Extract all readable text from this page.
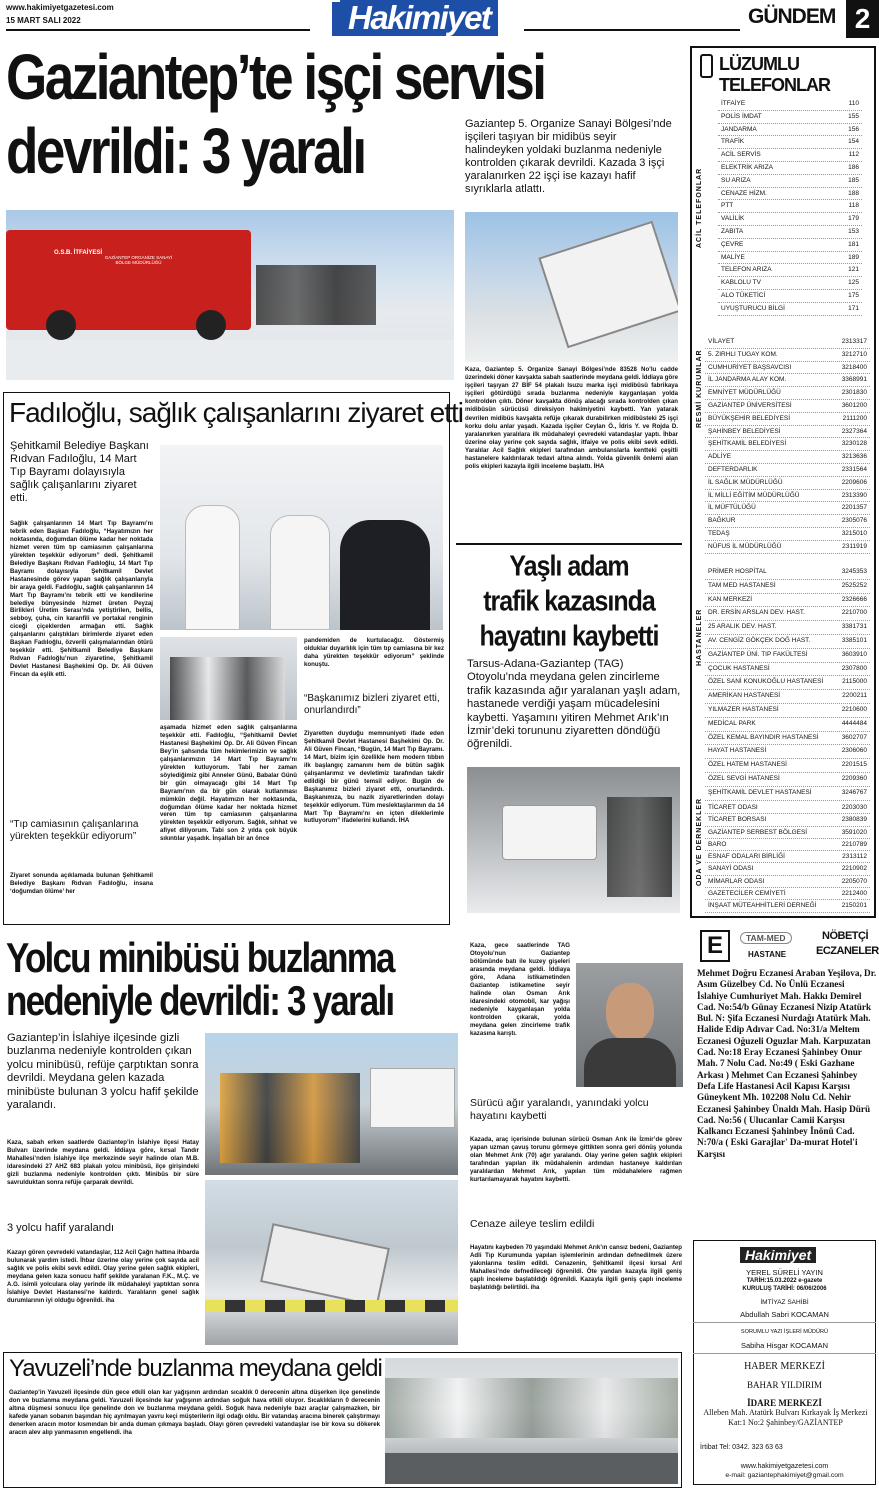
www.hakimiyetgazetesi.com
15 MART SALI 2022	Hakimiyet	GÜNDEM 2
Gaziantep’te işçi servisi
devrildi: 3 yaralı	Gaziantep 5. Organize Sanayi Bölgesi’nde işçileri taşıyan bir midibüs seyir halindeyken yoldaki buzlanma nedeniyle kontrolden çıkarak devrildi. Kazada 3 işçi yaralanırken 22 işçi ise kazayı hafif sıyrıklarla atlattı.
O.S.B. İTFAİYESİ
GAZİANTEP ORGANİZE SANAYİ BÖLGE MÜDÜRLÜĞÜ
Kaza, Gaziantep 5. Organize Sanayi Bölgesi’nde 83528 No’lu cadde üzerindeki döner kavşakta sabah saatlerinde meydana geldi. İddiaya göre işçileri taşıyan 27 BİF 54 plakalı Isuzu marka işçi midibüsü fabrikaya işçileri götürdüğü sırada buzlanma nedeniyle kayganlaşan yolda kontrolden çıktı. Döner kavşakta dönüş alacağı sırada kontrolden çıkan midibüsün sürücüsü direksiyon hakimiyetini kaybetti. Yan yatarak devrilen midibüs kavşakta refüje çıkarak durabilirken midibüsteki 25 işçi korku dolu anlar yaşadı. Kazada işçiler Ceylan Ö., İdris Y. ve Rojda D. yaralanırken yaralılara ilk müdahaleyi çevredeki vatandaşlar yaptı. İhbar üzerine olay yerine çok sayıda sağlık, itfaiye ve polis ekibi sevk edildi. Yaralılar Acil Sağlık ekipleri tarafından ambulanslarla kentteki çeşitli hastanelere kaldırılarak tedavi altına alındı. Yolda güvenlik önlemi alan polis ekipleri kazayla ilgili inceleme başlattı. İHA
Fadıloğlu, sağlık çalışanlarını ziyaret etti
Şehitkamil Belediye Başkanı Rıdvan Fadıloğlu, 14 Mart Tıp Bayramı dolayısıyla sağlık çalışanlarını ziyaret etti.
Sağlık çalışanlarının 14 Mart Tıp Bayramı’nı tebrik eden Başkan Fadıloğlu, “Hayatımızın her noktasında, doğumdan ölüme kadar her noktada hizmet veren tüm tıp camiasının çalışanlarına yürekten teşekkür ediyorum” dedi. Şehitkamil Belediye Başkanı Rıdvan Fadıloğlu, 14 Mart Tıp Bayramı dolayısıyla Şehitkamil Devlet Hastanesinde görev yapan sağlık çalışanlarıyla bir araya geldi. Fadıloğlu, sağlık çalışanlarının 14 Mart Tıp Bayramı’nı tebrik etti ve kendilerine belediye bünyesinde hizmet üreten Peyzaj Birlikleri Üretim Serası’nda yetiştirilen, bellis, sebboy, çuha, cin karanfili ve portakal renginin ciceği çiçeklerden armağan etti. Sağlık çalışanlarını çalıştıkları birimlerde ziyaret eden Başkan Fadıloğlu, özverili çalışmalarından ötürü teşekkür etti. Şehitkamil Belediye Başkanı Rıdvan Fadıloğlu’nun ziyaretine, Şehitkamil Devlet Hastanesi Başhekimi Op. Dr. Ali Güven Fincan da eşlik etti.
“Tıp camiasının çalışanlarına yürekten teşekkür ediyorum”
Ziyaret sonunda açıklamada bulunan Şehitkamil Belediye Başkanı Rıdvan Fadıloğlu, insana ‘doğumdan ölüme’ her
aşamada hizmet eden sağlık çalışanlarına teşekkür etti. Fadıloğlu, “Şehitkamil Devlet Hastanesi Başhekimi Op. Dr. Ali Güven Fincan Bey’in şahsında tüm hekimlerimizin ve sağlık çalışanlarımızın 14 Mart Tıp Bayramı’nı yürekten kutluyorum. Tabi her zaman söylediğimiz gibi Anneler Günü, Babalar Günü bir gün olmayacağı gibi 14 Mart Tıp Bayramı’nın da bir gün olarak kutlanması mümkün değil. Hayatımızın her noktasında, doğumdan ölüme kadar her noktada hizmet veren tüm tıp camiasının çalışanlarına yürekten teşekkür ediyorum. Sağlık, sıhhat ve afiyet diliyorum. Tabi son 2 yılda çok büyük sıkıntılar yaşadık. İnşallah bir an önce
pandemiden de kurtulacağız. Göstermiş olduklar duyarlılık için tüm tıp camiasına bir kez daha yürekten teşekkür ediyorum” şeklinde konuştu.
“Başkanımız bizleri ziyaret etti, onurlandırdı”
Ziyaretten duyduğu memnuniyeti ifade eden Şehitkamil Devlet Hastanesi Başhekimi Op. Dr. Ali Güven Fincan, “Bugün, 14 Mart Tıp Bayramı. 14 Mart, bizim için özellikle hem modern tıbbın ilk başlangıç zamanını hem de bütün sağlık çalışanlarımız ve devletimiz tarafından takdir edildiği bir günü temsil ediyor. Bugün de Başkanımız bizleri ziyaret etti, onurlandırdı. Başkanımıza, bu nazik ziyaretlerinden dolayı teşekkür ediyorum. Tüm meslektaşlarımın da 14 Mart Tıp Bayramı’nı en içten dileklerimle kutluyorum” ifadelerini kullandı. İHA
Yaşlı adam
trafik kazasında
hayatını kaybetti
Tarsus-Adana-Gaziantep (TAG) Otoyolu’nda meydana gelen zincirleme trafik kazasında ağır yaralanan yaşlı adam, hastanede verdiği yaşam mücadelesini kaybetti. Yaşamını yitiren Mehmet Arık’ın İzmir’deki torununu ziyaretten döndüğü öğrenildi.
Kaza, gece saatlerinde TAG Otoyolu’nun Gaziantep bölümünde batı ile kuzey gişeleri arasında meydana geldi. İddiaya göre, Adana istikametinden Gaziantep istikametine seyir halinde olan Osman Arık idaresindeki otomobil, kar yağışı nedeniyle kayganlaşan yolda kontrolden çıkarak, yolda meydana gelen zincirleme trafik kazasına karıştı.
Sürücü ağır yaralandı, yanındaki yolcu hayatını kaybetti
Kazada, araç içerisinde bulunan sürücü Osman Arık ile İzmir’de görev yapan uzman çavuş torunu görmeye gittikten sonra geri dönüş yolunda olan Mehmet Arık (70) ağır yaralandı. Olay yerine gelen sağlık ekipleri tarafından yapılan ilk müdahalenin ardından hastaneye kaldırılan yaralılardan Mehmet Arık, yapılan tüm müdahalelere rağmen kurtarılamayarak hayatını kaybetti.
Cenaze aileye teslim edildi
Hayatını kaybeden 70 yaşındaki Mehmet Arık’ın cansız bedeni, Gaziantep Adli Tıp Kurumunda yapılan işlemlerinin ardından defnedilmek üzere yakınlarına teslim edildi. Cenazenin, Şehitkamil ilçesi kırsal Arıl Mahallesi’nde defnedileceği öğrenildi. Öte yandan kazayla ilgili geniş çaplı inceleme başlatıldığı öğrenildi. Kazayla ilgili geniş çaplı inceleme başlatıldığı belirtildi. iha
Yolcu minibüsü buzlanma
nedeniyle devrildi: 3 yaralı
Gaziantep’in İslahiye ilçesinde gizli buzlanma nedeniyle kontrolden çıkan yolcu minibüsü, refüje çarptıktan sonra devrildi. Meydana gelen kazada minibüste bulunan 3 yolcu hafif şekilde yaralandı.
Kaza, sabah erken saatlerde Gaziantep’in İslahiye ilçesi Hatay Bulvarı üzerinde meydana geldi. İddiaya göre, kırsal Tandır Mahallesi’nden İslahiye ilçe merkezinde seyir halinde olan M.B. idaresindeki 27 AHZ 683 plakalı yolcu minibüsü, ilçe girişindeki gizli buzlanma nedeniyle kontrolden çıktı. Minibüs bir süre savrulduktan sonra refüje çarparak devrildi.
3 yolcu hafif yaralandı
Kazayı gören çevredeki vatandaşlar, 112 Acil Çağrı hattına ihbarda bulunarak yardım istedi. İhbar üzerine olay yerine çok sayıda acil sağlık ve polis ekibi sevk edildi. Olay yerine gelen sağlık ekipleri, meydana gelen kaza sonucu hafif şekilde yaralanan F.K., M.Ç. ve A.G. isimli yolculara olay yerinde ilk müdahaleyi yaptıktan sonra İslahiye Devlet Hastanesi’ne kaldırdı. Yaralıların genel sağlık durumlarının iyi olduğu öğrenildi. iha
Yavuzeli’nde buzlanma meydana geldi
Gaziantep’in Yavuzeli ilçesinde dün gece etkili olan kar yağışının ardından sıcaklık 0 derecenin altına düşerken ilçe genelinde don ve buzlanma meydana geldi. Yavuzeli ilçesinde kar yağışının ardından soğuk hava etkili oluyor. Sıcaklıkların 0 derecenin altına düşmesi sonucu ilçe genelinde don ve buzlanma meydana geldi. Soğuk hava nedeniyle bazı araçlar çalışmazken, bir kafede yanan sobanın başından hiç ayrılmayan yavru keçi müşterilerin ilgi odağı oldu. Bir vatandaş aracına binerek çalıştırmayı denerken aracın motor kısmından bir anda duman çıkmaya başladı. Olayı gören çevredeki vatandaşlar ise bir kova su dökerek aracın alev alıp yanmasının engellendi. iha
LÜZUMLU TELEFONLAR
ACİL TELEFONLAR
İTFAİYE	110
POLİS İMDAT	155
JANDARMA	156
TRAFİK	154
ACİL SERVİS	112
ELEKTRİK ARIZA	186
SU ARIZA	185
CENAZE HİZM.	188
PTT	118
VALİLİK	179
ZABITA	153
ÇEVRE	181
MALİYE	189
TELEFON ARIZA	121
KABLOLU TV	125
ALO TÜKETİCİ	175
UYUŞTURUCU BİLGİ	171
RESMİ KURUMLAR
VİLAYET	2313317
5. ZIRHLI TUGAY KOM.	3212710
CUMHURİYET BAŞSAVCISI	3218400
İL JANDARMA ALAY KOM.	3368991
EMNİYET MÜDÜRLÜĞÜ	2301830
GAZİANTEP ÜNİVERSİTESİ	3601200
BÜYÜKŞEHİR BELEDİYESİ	2111200
ŞAHİNBEY BELEDİYESİ	2327364
ŞEHİTKAMİL BELEDİYESİ	3230128
ADLİYE	3213636
DEFTERDARLIK	2331564
İL SAĞLIK MÜDÜRLÜĞÜ	2209606
İL MİLLİ EĞİTİM MÜDÜRLÜĞÜ	2313390
İL MÜFTÜLÜĞÜ	2201357
BAĞKUR	2305076
TEDAŞ	3215010
NÜFUS İL MÜDÜRLÜĞÜ	2311919
HASTANELER
PRİMER HOSPİTAL	3245353
TAM MED HASTANESİ	2525252
KAN MERKEZİ	2326666
DR. ERSİN ARSLAN DEV. HAST.	2210700
25 ARALIK DEV. HAST.	3381731
AV. CENGİZ GÖKÇEK DOĞ HAST.	3385101
GAZİANTEP ÜNİ. TIP FAKÜLTESİ	3603910
ÇOCUK HASTANESİ	2307800
ÖZEL SANİ KONUKOĞLU HASTANESİ	2115000
AMERİKAN HASTANESİ	2200211
YILMAZER HASTANESİ	2210600
MEDİCAL PARK	4444484
ÖZEL KEMAL BAYINDIR HASTANESİ	3602707
HAYAT HASTANESİ	2306060
ÖZEL HATEM HASTANESİ	2201515
ÖZEL SEVGİ HATANESİ	2209360
ŞEHİTKAMİL DEVLET HASTANESİ	3246767
ODA VE DERNEKLER TİCARET ODASI	2203030
TİCARET BORSASI	2380839
GAZİANTEP SERBEST BÖLGESİ	3591020
BARO	2210789
ESNAF ODALARI BİRLİĞİ	2313112
SANAYİ ODASI	2210902
MİMARLAR ODASI	2205070
GAZETECİLER CEMİYETİ	2212400
İNŞAAT MÜTEAHHİTLERİ DERNEĞİ	2150201
E	TAM-MED
HASTANE
NÖBETÇİ
ECZANELER
Mehmet Doğru Eczanesi Araban Yeşilova, Dr. Asım Güzelbey Cd. No Ünlü Eczanesi İslahiye Cumhuriyet Mah. Hakkı Demirel Cad. No:54/b Günay Eczanesi Nizip Atatürk Bul. N: Şifa Eczanesi Nurdağı Atatürk Mah. Halide Edip Adıvar Cad. No:31/a Meltem Eczanesi Oğuzeli Oguzlar Mah. Karpuzatan Cad. No:18 Eray Eczanesi Şahinbey Onur Mah. 7 Nolu Cad. No:49 ( Eski Gazhane Arkası ) Mehmet Can Eczanesi Şahinbey Defa Life Hastanesi Acil Kapısı Karşısı Güneykent Mh. 102208 Nolu Cd. Nehir Eczanesi Şahinbey Ünaldı Mah. Hasip Dürü Cad. No:56 ( Ulucanlar Camii Karşısı Kalkancı Eczanesi Şahinbey İnönü Cad. N:70/a ( Eski Garajlar' Da-murat Hotel'i Karşısı
Hakimiyet
YEREL SÜRELİ YAYIN
TARİH:15.03.2022 e-gazete
KURULUŞ TARİHİ: 06/06/2006
İMTİYAZ SAHİBİ
Abdullah Sabri KOCAMAN
SORUMLU YAZI İŞLERİ MÜDÜRÜ
Sabiha Hisgar KOCAMAN
HABER MERKEZİ
BAHAR YILDIRIM
İDARE MERKEZİ
Alleben Mah. Atatürk Bulvarı Kırkayak İş Merkezi Kat:1 No:2 Şahinbey/GAZİANTEP
İrtibat Tel: 0342. 323 63 63
www.hakimiyetgazetesi.com
e-mail: gaziantephakimiyet@gmail.com
